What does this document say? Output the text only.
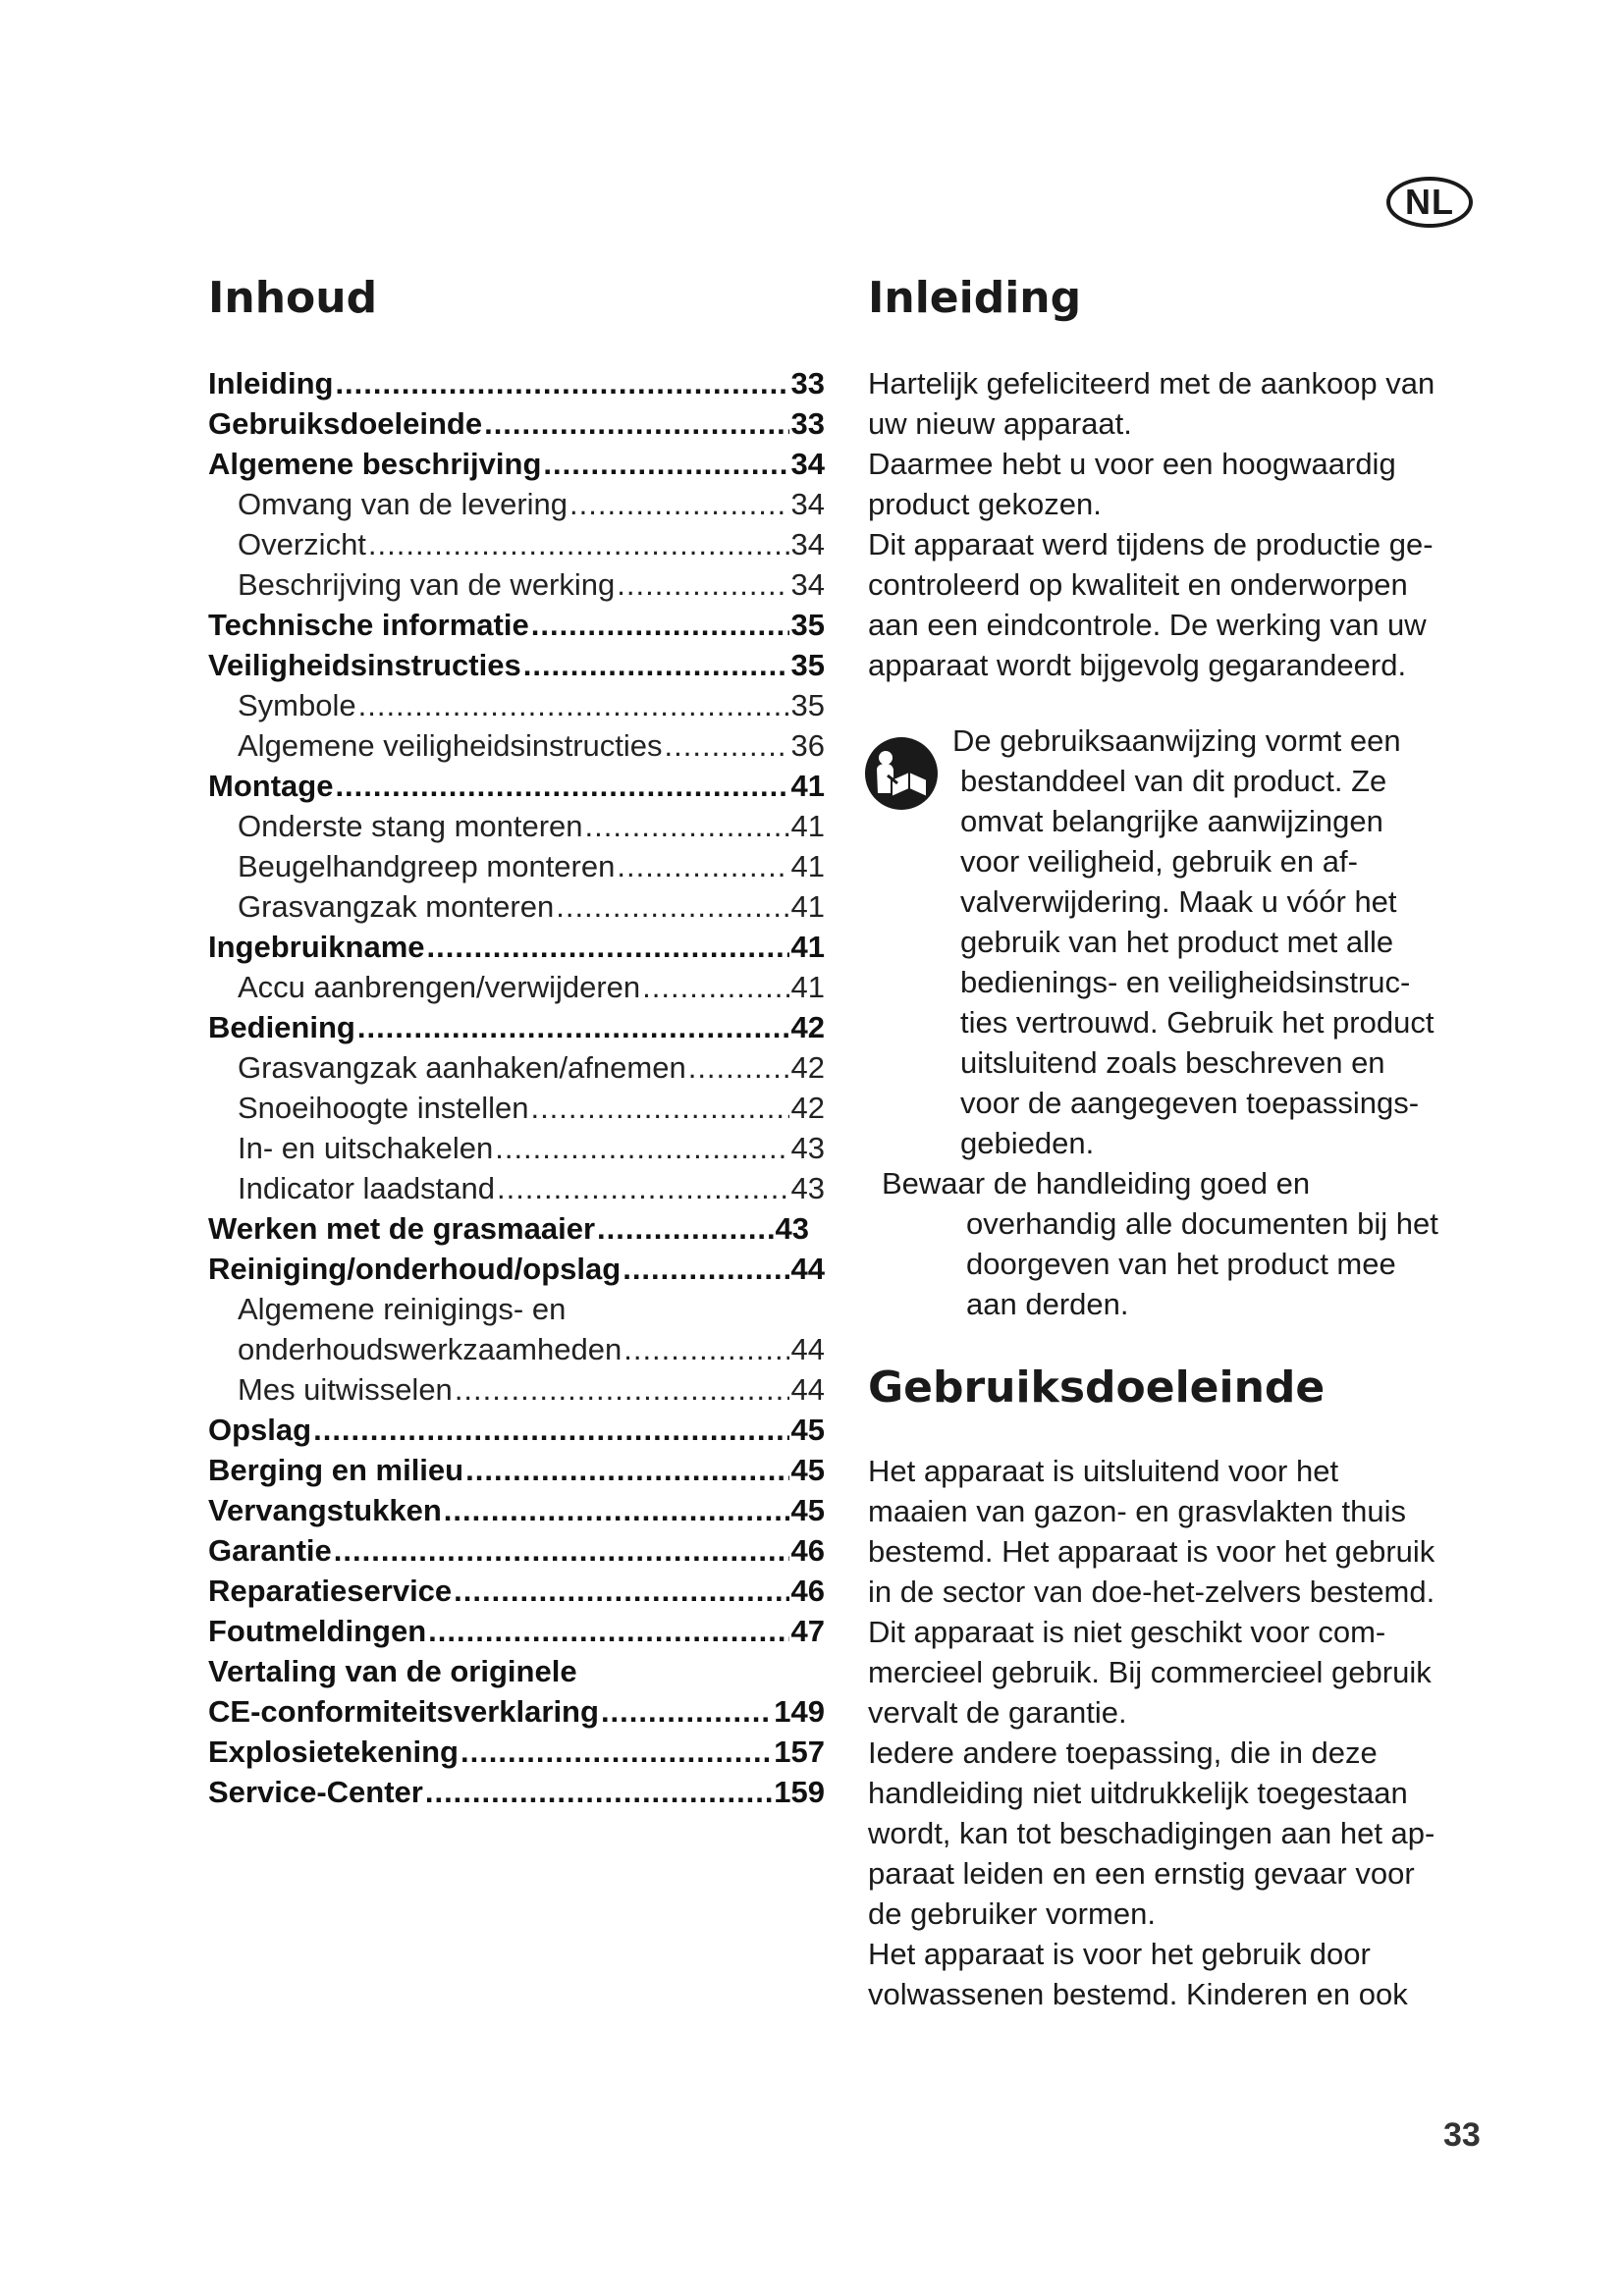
NL
Inhoud
Inleiding .....	33
Gebruiksdoeleinde .....	33
Algemene beschrijving .....	34
Omvang van de levering .....	34
Overzicht .....	34
Beschrijving van de werking .....	34
Technische informatie .....	35
Veiligheidsinstructies .....	35
Symbole .....	35
Algemene veiligheidsinstructies .....	36
Montage .....	41
Onderste stang monteren .....	41
Beugelhandgreep monteren .....	41
Grasvangzak monteren .....	41
Ingebruikname .....	41
Accu aanbrengen/verwijderen .....	41
Bediening .....	42
Grasvangzak aanhaken/afnemen .....	42
Snoeihoogte instellen .....	42
In- en uitschakelen .....	43
Indicator laadstand .....	43
Werken met de grasmaaier .....	43
Reiniging/onderhoud/opslag .....	44
Algemene reinigings- en
onderhoudswerkzaamheden .....	44
Mes uitwisselen .....	44
Opslag .....	45
Berging en milieu .....	45
Vervangstukken .....	45
Garantie .....	46
Reparatieservice .....	46
Foutmeldingen .....	47
Vertaling van de originele
CE-conformiteitsverklaring .....	149
Explosietekening .....	157
Service-Center .....	159
Inleiding
Hartelijk gefeliciteerd met de aankoop van
uw nieuw apparaat.
Daarmee hebt u voor een hoogwaardig
product gekozen.
Dit apparaat werd tijdens de productie ge-
controleerd op kwaliteit en onderworpen
aan een eindcontrole. De werking van uw
apparaat wordt bijgevolg gegarandeerd.
De gebruiksaanwijzing vormt een
bestanddeel van dit product. Ze
omvat belangrijke aanwijzingen
voor veiligheid, gebruik en af-
valverwijdering. Maak u vóór het
gebruik van het product met alle
bedienings- en veiligheidsinstruc-
ties vertrouwd. Gebruik het product
uitsluitend zoals beschreven en
voor de aangegeven toepassings-
gebieden.
Bewaar de handleiding goed en
overhandig alle documenten bij het
doorgeven van het product mee
aan derden.
Gebruiksdoeleinde
Het apparaat is uitsluitend voor het
maaien van gazon- en grasvlakten thuis
bestemd. Het apparaat is voor het gebruik
in de sector van doe-het-zelvers bestemd.
Dit apparaat is niet geschikt voor com-
mercieel gebruik. Bij commercieel gebruik
vervalt de garantie.
Iedere andere toepassing, die in deze
handleiding niet uitdrukkelijk toegestaan
wordt, kan tot beschadigingen aan het ap-
paraat leiden en een ernstig gevaar voor
de gebruiker vormen.
Het apparaat is voor het gebruik door
volwassenen bestemd. Kinderen en ook
33
